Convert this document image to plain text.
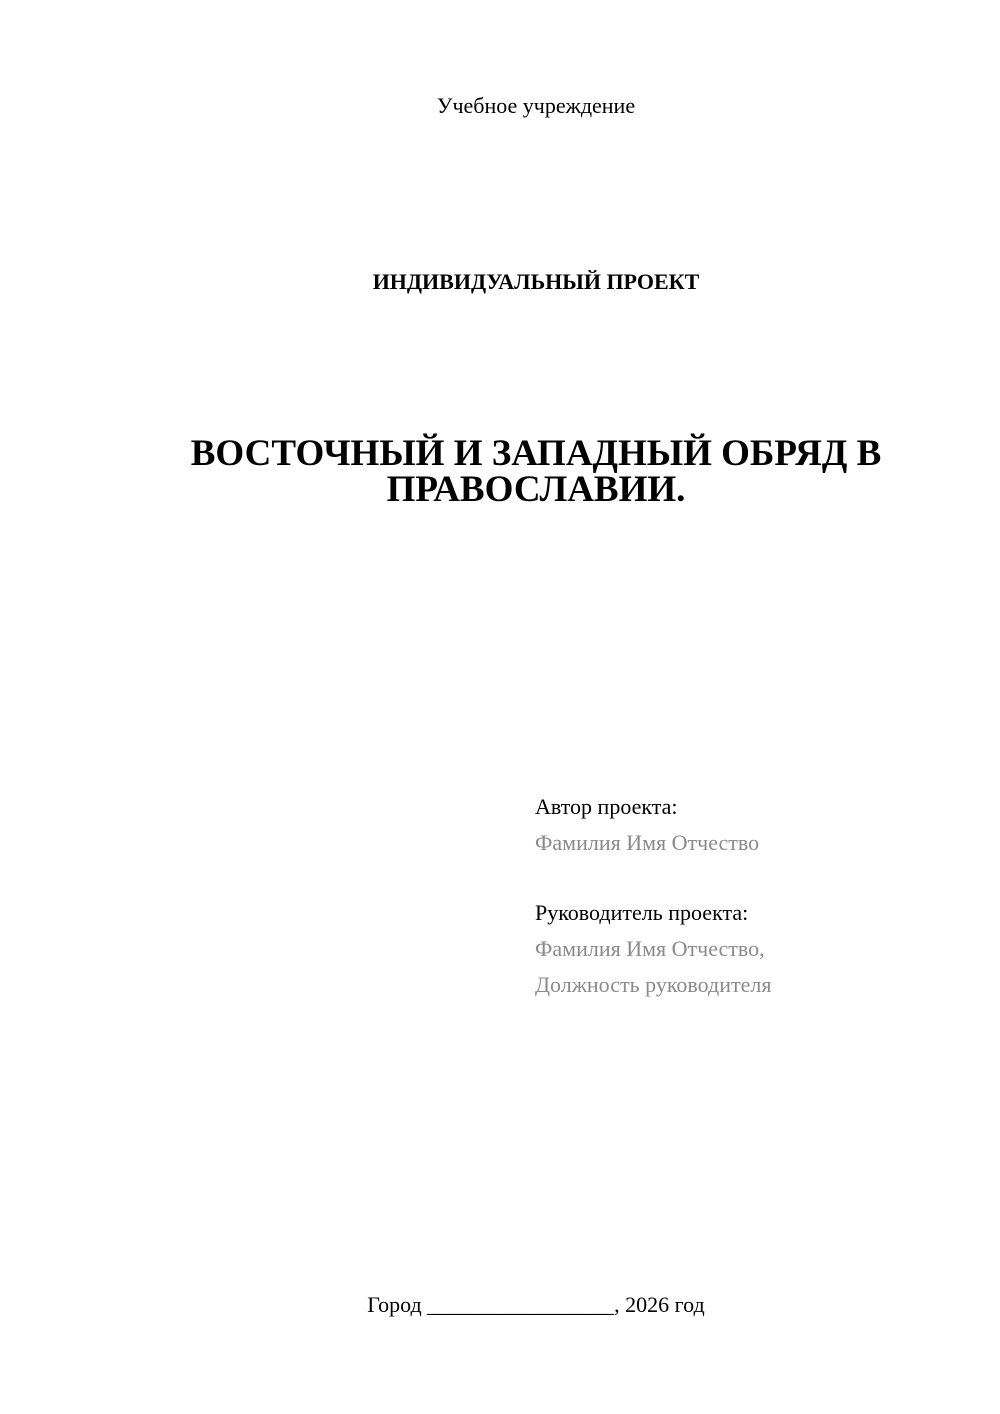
Учебное учреждение
ИНДИВИДУАЛЬНЫЙ ПРОЕКТ
ВОСТОЧНЫЙ И ЗАПАДНЫЙ ОБРЯД В
ПРАВОСЛАВИИ.
Автор проекта:
Фамилия Имя Отчество
Руководитель проекта:
Фамилия Имя Отчество,
Должность руководителя
Город _________________, 2026 год
